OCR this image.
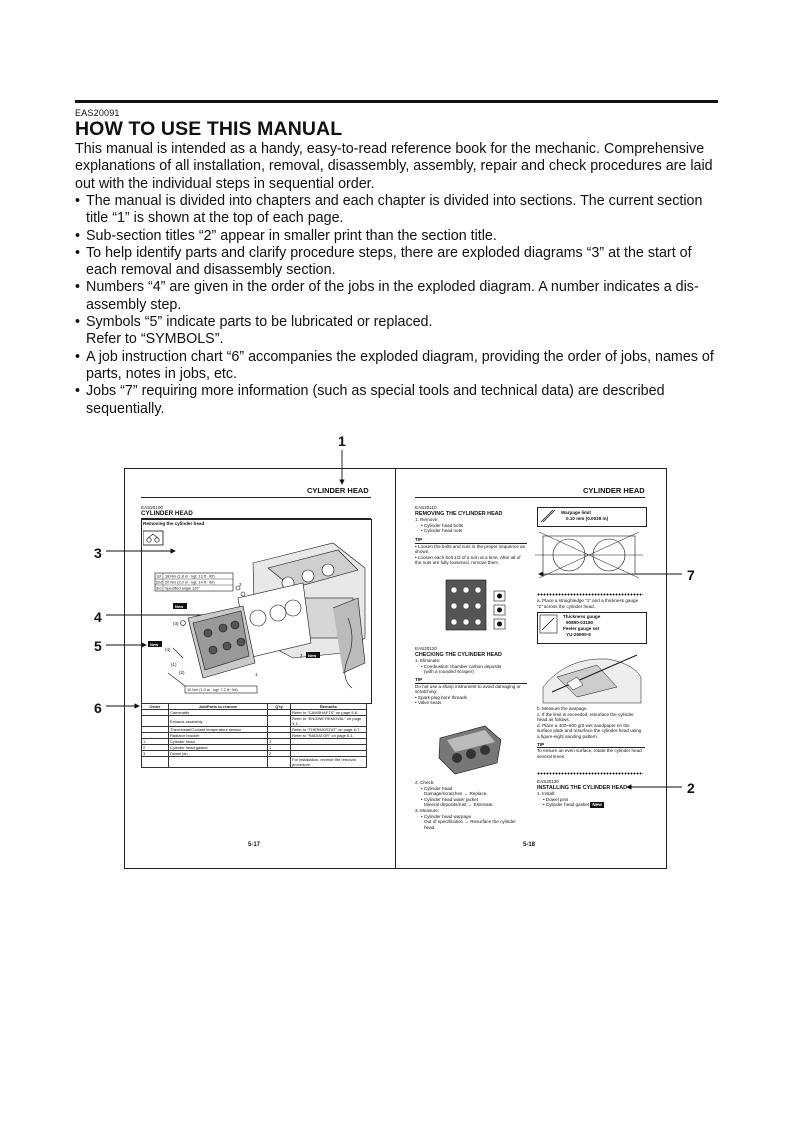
EAS20091
HOW TO USE THIS MANUAL

This manual is intended as a handy, easy-to-read reference book for the mechanic. Comprehensive explanations of all installation, removal, disassembly, assembly, repair and check procedures are laid out with the individual steps in sequential order.

• The manual is divided into chapters and each chapter is divided into sections. The current section title “1” is shown at the top of each page.
• Sub-section titles “2” appear in smaller print than the section title.
• To help identify parts and clarify procedure steps, there are exploded diagrams “3” at the start of each removal and disassembly section.
• Numbers “4” are given in the order of the jobs in the exploded diagram. A number indicates a dis-assembly step.
• Symbols “5” indicate parts to be lubricated or replaced.
Refer to “SYMBOLS”.
• A job instruction chart “6” accompanies the exploded diagram, providing the order of jobs, names of parts, notes in jobs, etc.
• Jobs “7” requiring more information (such as special tools and technical data) are described sequentially.
1
3
4
5
6
7
2
CYLINDER HEAD
EAS20100
CYLINDER HEAD
Removing the cylinder head
1st 18 Nm (1.8 m · kgf, 13 ft · lbf)
2nd 20 Nm (2.0 m · kgf, 14 ft · lbf)
3rd Specified angle 120°
10 Nm (1.0 m · kgf, 7.2 ft · lbf)
New
New
New
(3)
(4)
(2)
(1)
1
2
3
Order	Job/Parts to remove	Q'ty	Remarks
	Camshafts		Refer to “CAMSHAFTS” on page 5-6.
	Exhaust assembly		Refer to “ENGINE REMOVAL” on page 5-1.
	Thermostat/Coolant temperature sensor		Refer to “THERMOSTAT” on page 6-7.
	Radiator bracket		Refer to “RADIATOR” on page 6-1.
1	Cylinder head	1	
2	Cylinder head gasket	1	
3	Dowel pin	2	
			For installation, reverse the removal procedure.
5-17
CYLINDER HEAD
EAS20110
REMOVING THE CYLINDER HEAD
1. Remove:
• Cylinder head bolts
• Cylinder head nuts
TIP
• Loosen the bolts and nuts in the proper sequence as shown.
• Loosen each bolt 1/2 of a turn at a time. After all of the nuts are fully loosened, remove them.
EAS20120
CHECKING THE CYLINDER HEAD
1. Eliminate:
• Combustion chamber carbon deposits
(with a rounded scraper)
TIP
Do not use a sharp instrument to avoid damaging or scratching:
• Spark plug bore threads
• Valve seats
2. Check:
• Cylinder head
Damage/scratches → Replace.
• Cylinder head water jacket
Mineral deposits/rust → Eliminate.
3. Measure:
• Cylinder head warpage
Out of specification → Resurface the cylinder head.
Warpage limit
0.10 mm (0.0039 in)
a. Place a straightedge “1” and a thickness gauge “2” across the cylinder head.
Thickness gauge
90890-03180
Feeler gauge set
YU-26900-9
b. Measure the warpage.
c. If the limit is exceeded, resurface the cylinder head as follows.
d. Place a 400–600 grit wet sandpaper on the surface plate and resurface the cylinder head using a figure-eight sanding pattern.
TIP
To ensure an even surface, rotate the cylinder head several times.
EAS20130
INSTALLING THE CYLINDER HEAD
1. Install:
• Dowel pins
• Cylinder head gasket New
5-18
